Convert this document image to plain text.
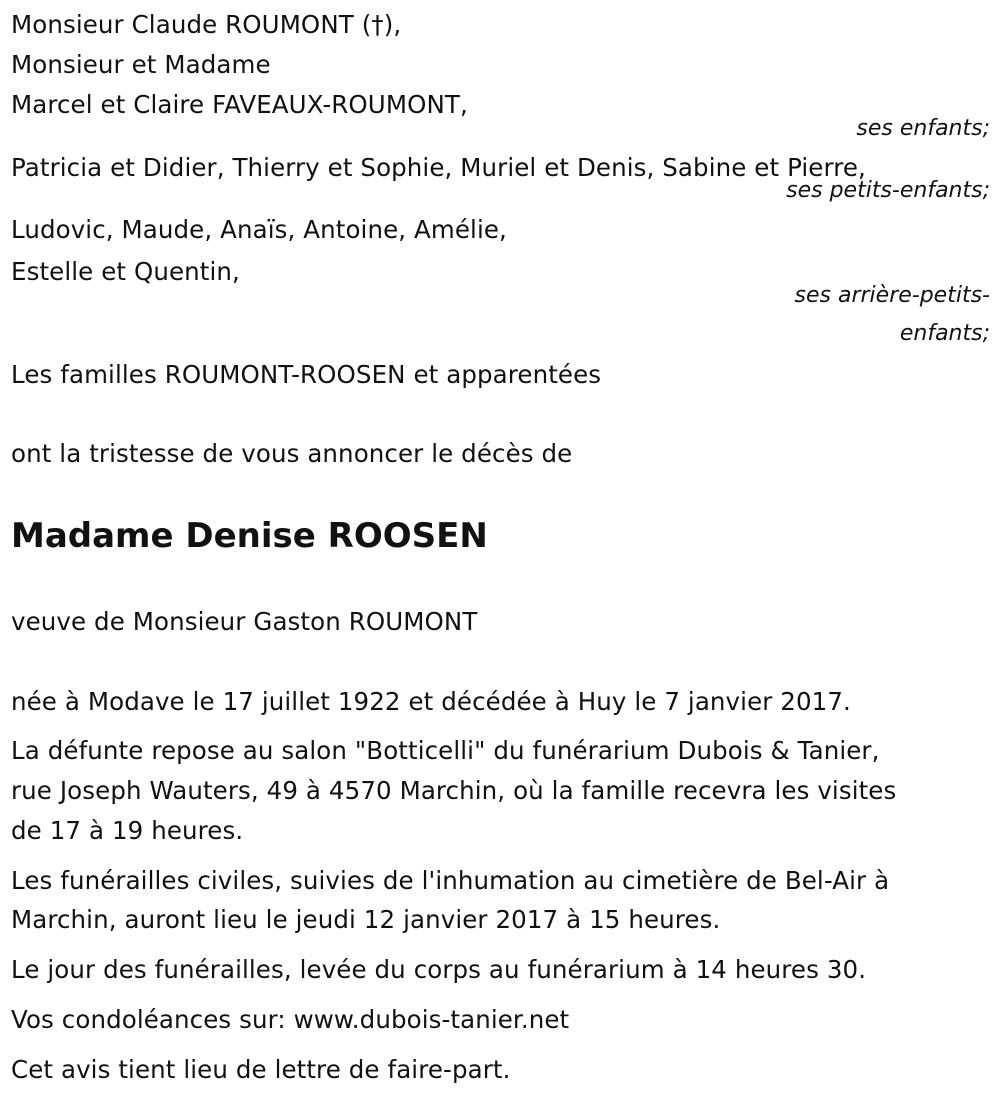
Monsieur Claude ROUMONT (†),
Monsieur et Madame
Marcel et Claire FAVEAUX-ROUMONT,
ses enfants;
Patricia et Didier, Thierry et Sophie, Muriel et Denis, Sabine et Pierre,
ses petits-enfants;
Ludovic, Maude, Anaïs, Antoine, Amélie,
Estelle et Quentin,
ses arrière-petits-
enfants;
Les familles ROUMONT-ROOSEN et apparentées
ont la tristesse de vous annoncer le décès de
Madame Denise ROOSEN
veuve de Monsieur Gaston ROUMONT
née à Modave le 17 juillet 1922 et décédée à Huy le 7 janvier 2017.
La défunte repose au salon "Botticelli" du funérarium Dubois & Tanier,
rue Joseph Wauters, 49 à 4570 Marchin, où la famille recevra les visites
de 17 à 19 heures.
Les funérailles civiles, suivies de l'inhumation au cimetière de Bel-Air à
Marchin, auront lieu le jeudi 12 janvier 2017 à 15 heures.
Le jour des funérailles, levée du corps au funérarium à 14 heures 30.
Vos condoléances sur: www.dubois-tanier.net
Cet avis tient lieu de lettre de faire-part.
